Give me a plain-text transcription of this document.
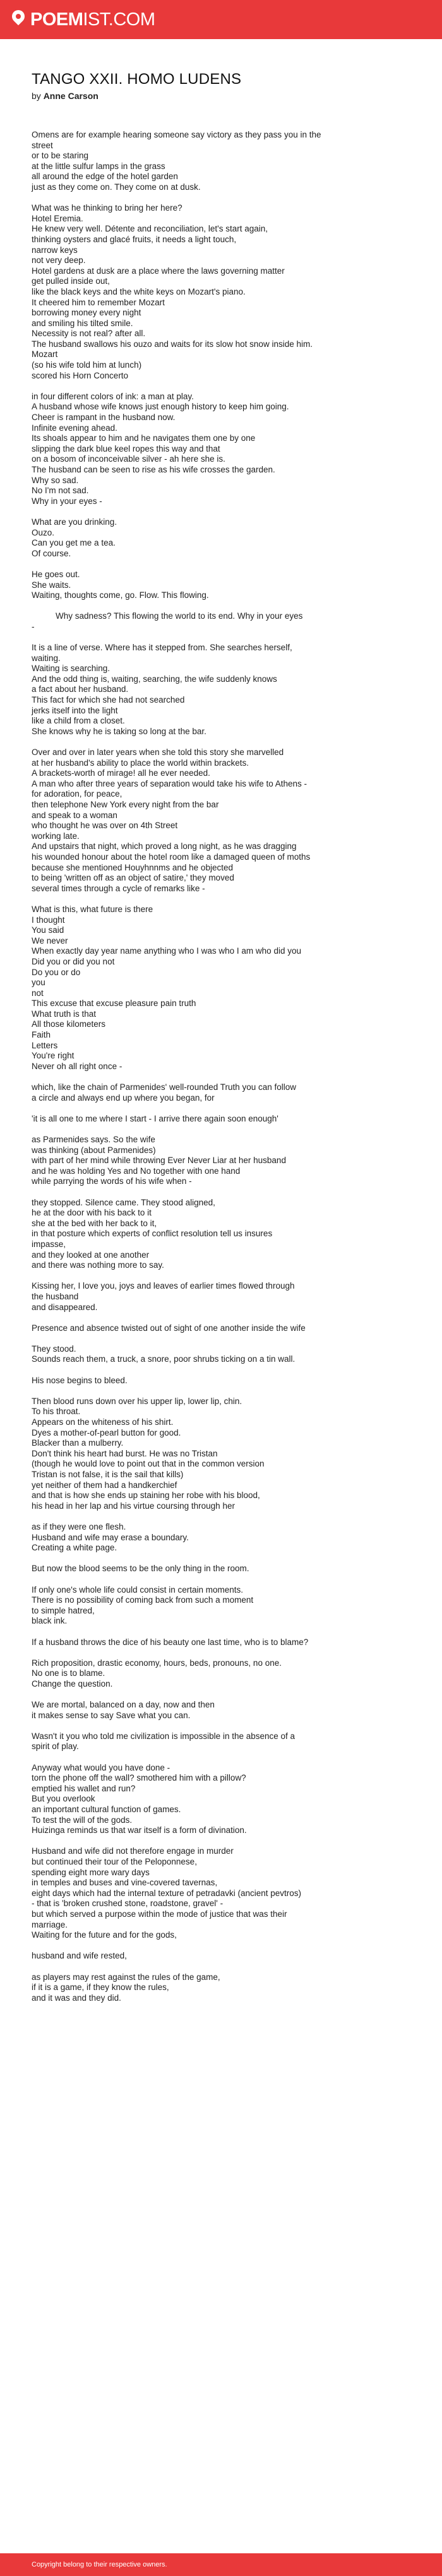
POEMIST.COM
TANGO XXII. HOMO LUDENS
by Anne Carson
Omens are for example hearing someone say victory as they pass you in the
street
or to be staring
at the little sulfur lamps in the grass
all around the edge of the hotel garden
just as they come on. They come on at dusk.
What was he thinking to bring her here?
Hotel Eremia.
He knew very well. Détente and reconciliation, let's start again,
thinking oysters and glacé fruits, it needs a light touch,
narrow keys
not very deep.
Hotel gardens at dusk are a place where the laws governing matter
get pulled inside out,
like the black keys and the white keys on Mozart's piano.
It cheered him to remember Mozart
borrowing money every night
and smiling his tilted smile.
Necessity is not real? after all.
The husband swallows his ouzo and waits for its slow hot snow inside him.
Mozart
(so his wife told him at lunch)
scored his Horn Concerto
in four different colors of ink: a man at play.
A husband whose wife knows just enough history to keep him going.
Cheer is rampant in the husband now.
Infinite evening ahead.
Its shoals appear to him and he navigates them one by one
slipping the dark blue keel ropes this way and that
on a bosom of inconceivable silver - ah here she is.
The husband can be seen to rise as his wife crosses the garden.
Why so sad.
No I'm not sad.
Why in your eyes -
What are you drinking.
Ouzo.
Can you get me a tea.
Of course.
He goes out.
She waits.
Waiting, thoughts come, go. Flow. This flowing.
Why sadness? This flowing the world to its end. Why in your eyes
-
It is a line of verse. Where has it stepped from. She searches herself,
waiting.
Waiting is searching.
And the odd thing is, waiting, searching, the wife suddenly knows
a fact about her husband.
This fact for which she had not searched
jerks itself into the light
like a child from a closet.
She knows why he is taking so long at the bar.
Over and over in later years when she told this story she marvelled
at her husband's ability to place the world within brackets.
A brackets-worth of mirage! all he ever needed.
A man who after three years of separation would take his wife to Athens -
for adoration, for peace,
then telephone New York every night from the bar
and speak to a woman
who thought he was over on 4th Street
working late.
And upstairs that night, which proved a long night, as he was dragging
his wounded honour about the hotel room like a damaged queen of moths
because she mentioned Houyhnnms and he objected
to being 'written off as an object of satire,' they moved
several times through a cycle of remarks like -
What is this, what future is there
I thought
You said
We never
When exactly day year name anything who I was who I am who did you
Did you or did you not
Do you or do
you
not
This excuse that excuse pleasure pain truth
What truth is that
All those kilometers
Faith
Letters
You're right
Never oh all right once -
which, like the chain of Parmenides' well-rounded Truth you can follow
a circle and always end up where you began, for
'it is all one to me where I start - I arrive there again soon enough'
as Parmenides says. So the wife
was thinking (about Parmenides)
with part of her mind while throwing Ever Never Liar at her husband
and he was holding Yes and No together with one hand
while parrying the words of his wife when -
they stopped. Silence came. They stood aligned,
he at the door with his back to it
she at the bed with her back to it,
in that posture which experts of conflict resolution tell us insures
impasse,
and they looked at one another
and there was nothing more to say.
Kissing her, I love you, joys and leaves of earlier times flowed through
the husband
and disappeared.
Presence and absence twisted out of sight of one another inside the wife
They stood.
Sounds reach them, a truck, a snore, poor shrubs ticking on a tin wall.
His nose begins to bleed.
Then blood runs down over his upper lip, lower lip, chin.
To his throat.
Appears on the whiteness of his shirt.
Dyes a mother-of-pearl button for good.
Blacker than a mulberry.
Don't think his heart had burst. He was no Tristan
(though he would love to point out that in the common version
Tristan is not false, it is the sail that kills)
yet neither of them had a handkerchief
and that is how she ends up staining her robe with his blood,
his head in her lap and his virtue coursing through her
as if they were one flesh.
Husband and wife may erase a boundary.
Creating a white page.
But now the blood seems to be the only thing in the room.
If only one's whole life could consist in certain moments.
There is no possibility of coming back from such a moment
to simple hatred,
black ink.
If a husband throws the dice of his beauty one last time, who is to blame?
Rich proposition, drastic economy, hours, beds, pronouns, no one.
No one is to blame.
Change the question.
We are mortal, balanced on a day, now and then
it makes sense to say Save what you can.
Wasn't it you who told me civilization is impossible in the absence of a
spirit of play.
Anyway what would you have done -
torn the phone off the wall? smothered him with a pillow?
emptied his wallet and run?
But you overlook
an important cultural function of games.
To test the will of the gods.
Huizinga reminds us that war itself is a form of divination.
Husband and wife did not therefore engage in murder
but continued their tour of the Peloponnese,
spending eight more wary days
in temples and buses and vine-covered tavernas,
eight days which had the internal texture of petradavki (ancient pevtros)
- that is 'broken crushed stone, roadstone, gravel' -
but which served a purpose within the mode of justice that was their
marriage.
Waiting for the future and for the gods,
husband and wife rested,
as players may rest against the rules of the game,
if it is a game, if they know the rules,
and it was and they did.
Copyright belong to their respective owners.
